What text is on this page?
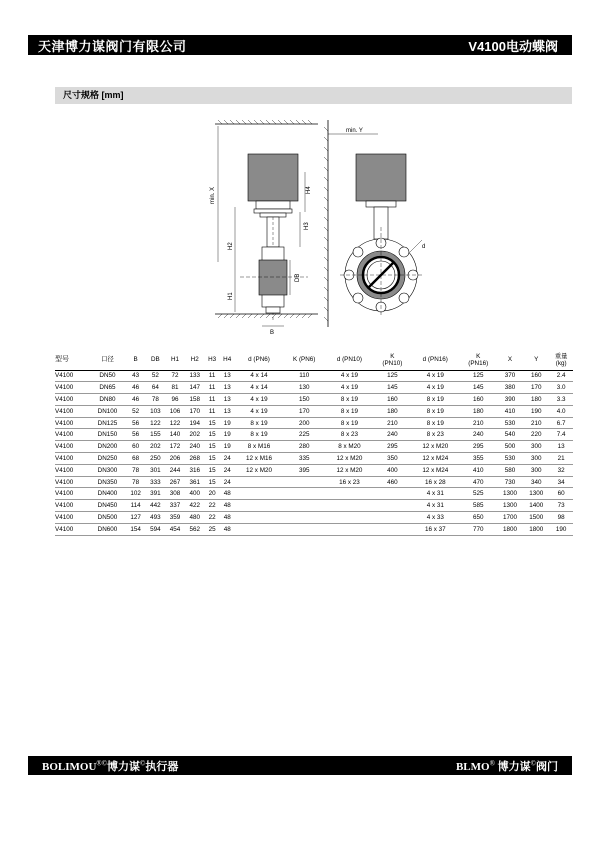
天津博力谋阀门有限公司	V4100电动蝶阀
尺寸规格 [mm]
min. X
H2
H1
H4
H3
DB
B
min. Y
d
型号	口径	B	DB	H1	H2	H3	H4	d (PN6)	K (PN6)	d (PN10)	K
(PN10)	d (PN16)	K
(PN16)	X	Y	重量
(kg)
V4100	DN50	43	52	72	133	11	13	4 x 14	110	4 x 19	125	4 x 19	125	370	160	2.4
V4100	DN65	46	64	81	147	11	13	4 x 14	130	4 x 19	145	4 x 19	145	380	170	3.0
V4100	DN80	46	78	96	158	11	13	4 x 19	150	8 x 19	160	8 x 19	160	390	180	3.3
V4100	DN100	52	103	106	170	11	13	4 x 19	170	8 x 19	180	8 x 19	180	410	190	4.0
V4100	DN125	56	122	122	194	15	19	8 x 19	200	8 x 19	210	8 x 19	210	530	210	6.7
V4100	DN150	56	155	140	202	15	19	8 x 19	225	8 x 23	240	8 x 23	240	540	220	7.4
V4100	DN200	60	202	172	240	15	19	8 x M16	280	8 x M20	295	12 x M20	295	500	300	13
V4100	DN250	68	250	206	268	15	24	12 x M16	335	12 x M20	350	12 x M24	355	530	300	21
V4100	DN300	78	301	244	316	15	24	12 x M20	395	12 x M20	400	12 x M24	410	580	300	32
V4100	DN350	78	333	267	361	15	24			16 x 23	460	16 x 28	470	730	340	34
V4100	DN400	102	391	308	400	20	48					4 x 31	525	1300	1300	60
V4100	DN450	114	442	337	422	22	48					4 x 31	585	1300	1400	73
V4100	DN500	127	493	359	480	22	48					4 x 33	650	1700	1500	98
V4100	DN600	154	594	454	562	25	48					16 x 37	770	1800	1800	190
BOLIMOU®©博力谋©执行器	BLMO® 博力谋©阀门
